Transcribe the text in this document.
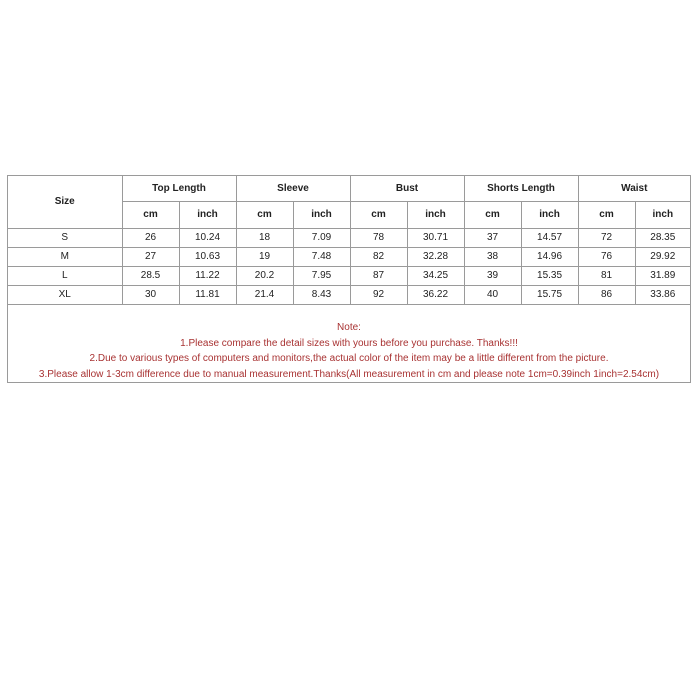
Size	Top Length		Sleeve		Bust		Shorts Length		Waist	
	cm	inch	cm	inch	cm	inch	cm	inch	cm	inch
S	26	10.24	18	7.09	78	30.71	37	14.57	72	28.35
M	27	10.63	19	7.48	82	32.28	38	14.96	76	29.92
L	28.5	11.22	20.2	7.95	87	34.25	39	15.35	81	31.89
XL	30	11.81	21.4	8.43	92	36.22	40	15.75	86	33.86
Note:
1.Please compare the detail sizes with yours before you purchase. Thanks!!!
2.Due to various types of computers and monitors,the actual color of the item may be a little different from the picture.
3.Please allow 1-3cm difference due to manual measurement.Thanks(All measurement in cm and please note 1cm=0.39inch 1inch=2.54cm)
